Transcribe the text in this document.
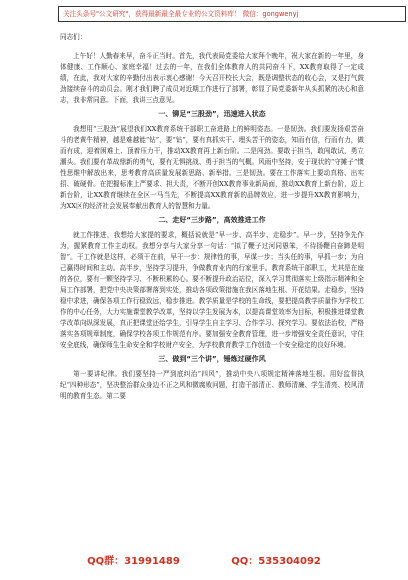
关注头条号"公文研究"，获得最新最全最专业的公文资料库！ 微信：gongwenyj
同志们：

上午好！人勤春来早，奋斗正当时。首先，我代表局党委给大家拜个晚年，祝大家在新的一年里，身体健康、工作顺心、家庭幸福！过去的一年，在我们全体教育人的共同奋斗下，XX教育取得了一定成绩，在此，我对大家的辛勤付出表示衷心感谢！今天召开校长大会，既是调整状态的收心会，又是打气鼓劲接续奋斗的动员会。刚才我们聘了成员对近期工作进行了部署，彰显了局党委新年从头抓紧的决心和意志，我非常同意。下面，我讲三点意见。

一、铆足“三股劲”，迅速进入状态

我想用“三股劲”展望我们XX教育系统干部职工奋进路上的鲜明姿态。一是韧劲。我们要发扬艰苦奋斗的老黄牛精神，越是难越能“钻”，要“钻”，要有真抓实干、埋头苦干的姿态，知而有信，行而有力，做而有成，迎着困难上、顶着压力干，推动XX教育再上新台阶。二是闯劲。要敢于担当，敢闯敢试，勇立潮头。我们要有革故鼎新的勇气，要有无惧挑战、勇于担当的气概。风雨中坚持，安于现状的“守摊子”惯性思维中解放出来，思考教育高质量发展新思路、新举措。三是韧劲。要在工作落实上要动真格、出实招、破硬骨。在把握标准上严要求、担大责，不断开创XX教育事业新局面，推动XX教育上新台阶，迈上新台阶，让XX教育继续在全区一马当先，不断提高XX教育新的品牌效应，进一步提升XX教育影响力，为XX区的经济社会发展奉献出教育人的智慧和力量。

二、走好“三步路”，高效推进工作

就工作推进，我想给大家提的要求，概括说就是“早一步、高半步、走稳步”。早一步，坚持争先作为，握紧教育工作主动权。我想分享与大家分享一句话：“拟了鞭子过河同愚笨，不待扬鞭自奋蹄是明智”。干工作就是这样，必须干在前，早干一步：规律性的事，早谋一步；当头任的事，早抓一步；为自己赢得时间和主动。高半步，坚持学习提升，争做教育业内的行家里手。教育系统干部职工，尤其是在座的各位，要有一颗坚持学习、不断积累的心。要不断提升政治站位，深入学习贯彻落实上级指示精神和全局工作部署，把党中央决策部署落到实处，推动各项政策措施在我区落地生根、开花结果。走稳步，坚持稳中求进，确保各项工作行稳致远，稳步推进。教学质量是学校的生命线，要把提高教学质量作为学校工作的中心任务，大力实施课堂教学改革，坚持以学生发展为本，以提高课堂效率为目标，积极推进课堂教学改革向纵深发展，真正把课堂还给学生，引导学生自主学习、合作学习、探究学习。要依法治校，严格落实各项规章制度，确保学校各项工作规范有序。要加强安全教育管理，进一步增强安全责任意识，守住安全底线，确保师生生命安全和学校财产安全，为学校教育教学工作创造一个安全稳定的良好环境。

三、做到“三个讲”，锤炼过硬作风

第一要讲纪律。我们要坚持一严到底纠治“四风”，推动中央八项规定精神落地生根。用好监督执纪“四种形态”，坚决整治群众身边不正之风和微腐败问题，打造干部清正、教师清廉、学生清亮、校风清明的教育生态。第二要

QQ群：31991489	QQ：535304092
